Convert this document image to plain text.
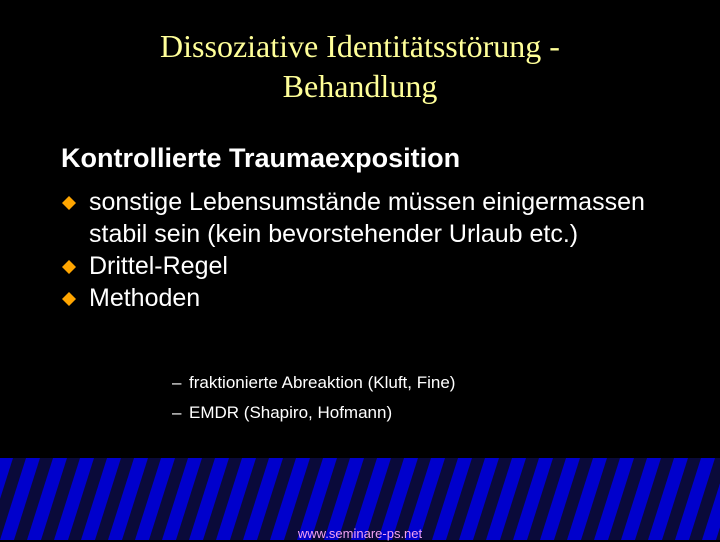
Dissoziative Identitätsstörung -
Behandlung
Kontrollierte Traumaexposition
sonstige Lebensumstände müssen einigermassen stabil sein (kein bevorstehender Urlaub etc.)
Drittel-Regel
Methoden
– fraktionierte Abreaktion (Kluft, Fine)
– EMDR (Shapiro, Hofmann)
www.seminare-ps.net
